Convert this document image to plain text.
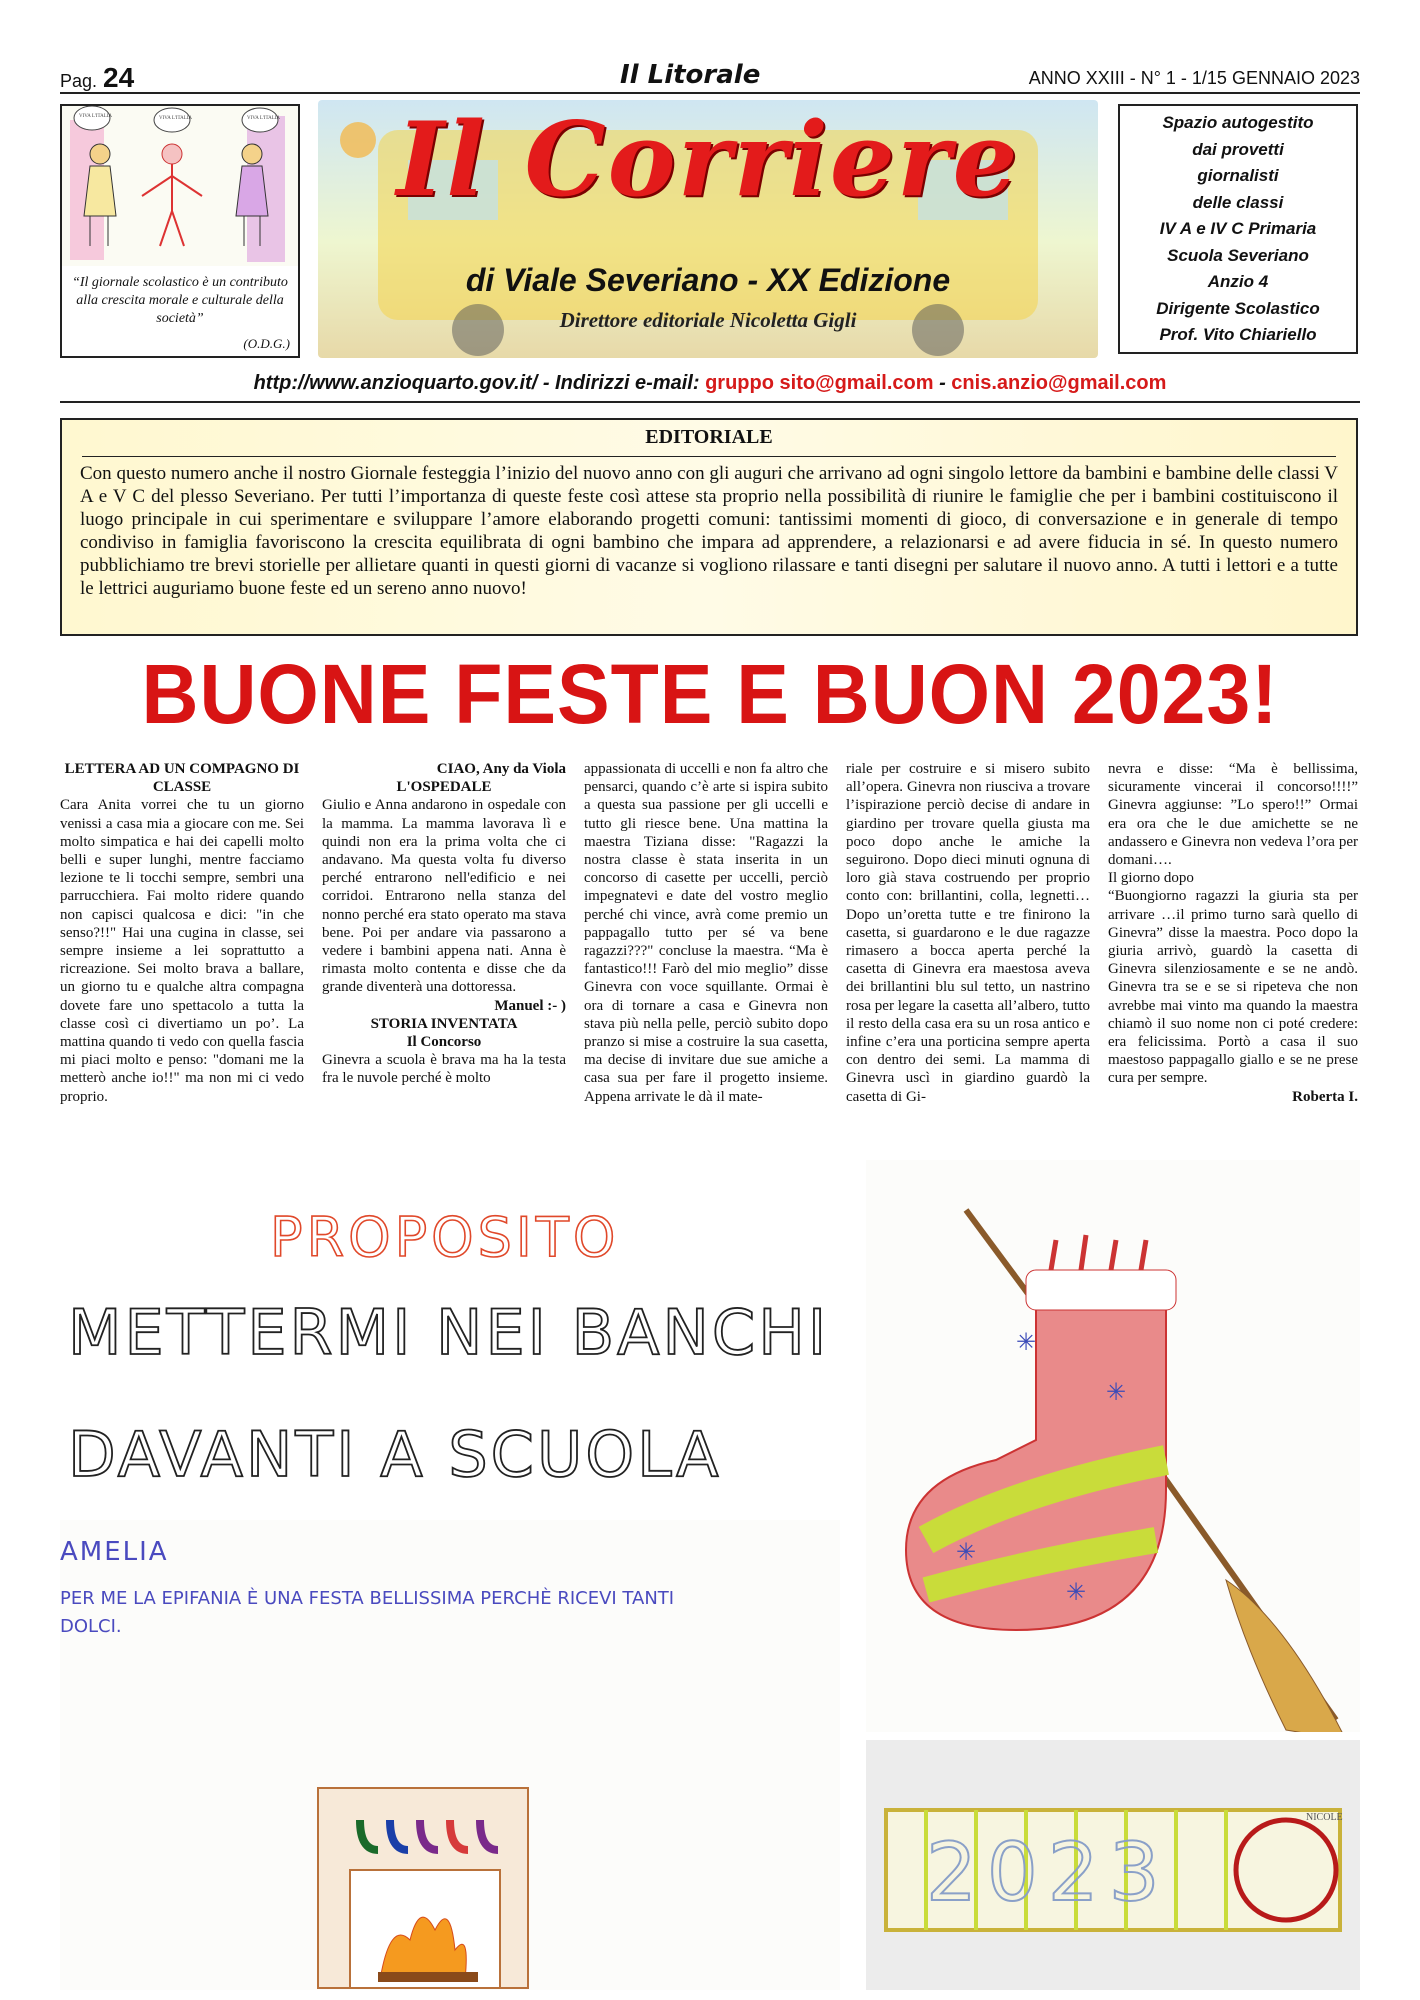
Pag. 24	Il Litorale	ANNO XXIII - N° 1 - 1/15 GENNAIO 2023
VIVA L'ITALIA	VIVA L'ITALIA	VIVA L'ITALIA
“Il giornale scolastico è un contributo alla crescita morale e culturale della società”
(O.D.G.)
Il Corriere
di Viale Severiano - XX Edizione
Direttore editoriale Nicoletta Gigli
Spazio autogestito
dai provetti
giornalisti
delle classi
IV A e IV C Primaria
Scuola Severiano
Anzio 4
Dirigente Scolastico
Prof. Vito Chiariello
http://www.anzioquarto.gov.it/ - Indirizzi e-mail: gruppo sito@gmail.com - cnis.anzio@gmail.com
EDITORIALE
Con questo numero anche il nostro Giornale festeggia l’inizio del nuovo anno con gli auguri che arrivano ad ogni singolo lettore da bambini e bambine delle classi V A e V C del plesso Severiano. Per tutti l’importanza di queste feste così attese sta proprio nella possibilità di riunire le famiglie che per i bambini costituiscono il luogo principale in cui sperimentare e sviluppare l’amore elaborando progetti comuni: tantissimi momenti di gioco, di conversazione e in generale di tempo condiviso in famiglia favoriscono la crescita equilibrata di ogni bambino che impara ad apprendere, a relazionarsi e ad avere fiducia in sé. In questo numero pubblichiamo tre brevi storielle per allietare quanti in questi giorni di vacanze si vogliono rilassare e tanti disegni per salutare il nuovo anno. A tutti i lettori e a tutte le lettrici auguriamo buone feste ed un sereno anno nuovo!
BUONE FESTE E BUON 2023!
LETTERA AD UN COMPAGNO DI CLASSE
Cara Anita vorrei che tu un giorno venissi a casa mia a giocare con me. Sei molto simpatica e hai dei capelli molto belli e super lunghi, mentre facciamo lezione te li tocchi sempre, sembri una parrucchiera. Fai molto ridere quando non capisci qualcosa e dici: "in che senso?!!" Hai una cugina in classe, sei sempre insieme a lei soprattutto a ricreazione. Sei molto brava a ballare, un giorno tu e qualche altra compagna dovete fare uno spettacolo a tutta la classe così ci divertiamo un po’. La mattina quando ti vedo con quella fascia mi piaci molto e penso: "domani me la metterò anche io!!" ma non mi ci vedo proprio.
CIAO, Any da Viola
L'OSPEDALE
Giulio e Anna andarono in ospedale con la mamma. La mamma lavorava lì e quindi non era la prima volta che ci andavano. Ma questa volta fu diverso perché entrarono nell'edificio e nei corridoi. Entrarono nella stanza del nonno perché era stato operato ma stava bene. Poi per andare via passarono a vedere i bambini appena nati. Anna è rimasta molto contenta e disse che da grande diventerà una dottoressa.
Manuel :- )
STORIA INVENTATA
Il Concorso
Ginevra a scuola è brava ma ha la testa fra le nuvole perché è molto
appassionata di uccelli e non fa altro che pensarci, quando c’è arte si ispira subito a questa sua passione per gli uccelli e tutto gli riesce bene. Una mattina la maestra Tiziana disse: "Ragazzi la nostra classe è stata inserita in un concorso di casette per uccelli, perciò impegnatevi e date del vostro meglio perché chi vince, avrà come premio un pappagallo tutto per sé va bene ragazzi???" concluse la maestra. “Ma è fantastico!!! Farò del mio meglio” disse Ginevra con voce squillante. Ormai è ora di tornare a casa e Ginevra non stava più nella pelle, perciò subito dopo pranzo si mise a costruire la sua casetta, ma decise di invitare due sue amiche a casa sua per fare il progetto insieme. Appena arrivate le dà il mate-
riale per costruire e si misero subito all’opera. Ginevra non riusciva a trovare l’ispirazione perciò decise di andare in giardino per trovare quella giusta ma poco dopo anche le amiche la seguirono. Dopo dieci minuti ognuna di loro già stava costruendo per proprio conto con: brillantini, colla, legnetti… Dopo un’oretta tutte e tre finirono la casetta, si guardarono e le due ragazze rimasero a bocca aperta perché la casetta di Ginevra era maestosa aveva dei brillantini blu sul tetto, un nastrino rosa per legare la casetta all’albero, tutto il resto della casa era su un rosa antico e infine c’era una porticina sempre aperta con dentro dei semi. La mamma di Ginevra uscì in giardino guardò la casetta di Gi-
nevra e disse: “Ma è bellissima, sicuramente vincerai il concorso!!!!” Ginevra aggiunse: ”Lo spero!!” Ormai era ora che le due amichette se ne andassero e Ginevra non vedeva l’ora per domani….
Il giorno dopo
“Buongiorno ragazzi la giuria sta per arrivare …il primo turno sarà quello di Ginevra” disse la maestra. Poco dopo la giuria arrivò, guardò la casetta di Ginevra silenziosamente e se ne andò. Ginevra tra se e se si ripeteva che non avrebbe mai vinto ma quando la maestra chiamò il suo nome non ci poté credere: era felicissima. Portò a casa il suo maestoso pappagallo giallo e se ne prese cura per sempre.
Roberta I.
PROPOSITO
METTERMI NEI BANCHI
DAVANTI A SCUOLA
AMELIA
PER ME LA EPIFANIA È UNA FESTA BELLISSIMA PERCHÈ RICEVI TANTI
DOLCI.
✳
✳
✳
✳
2023
NICOLE
